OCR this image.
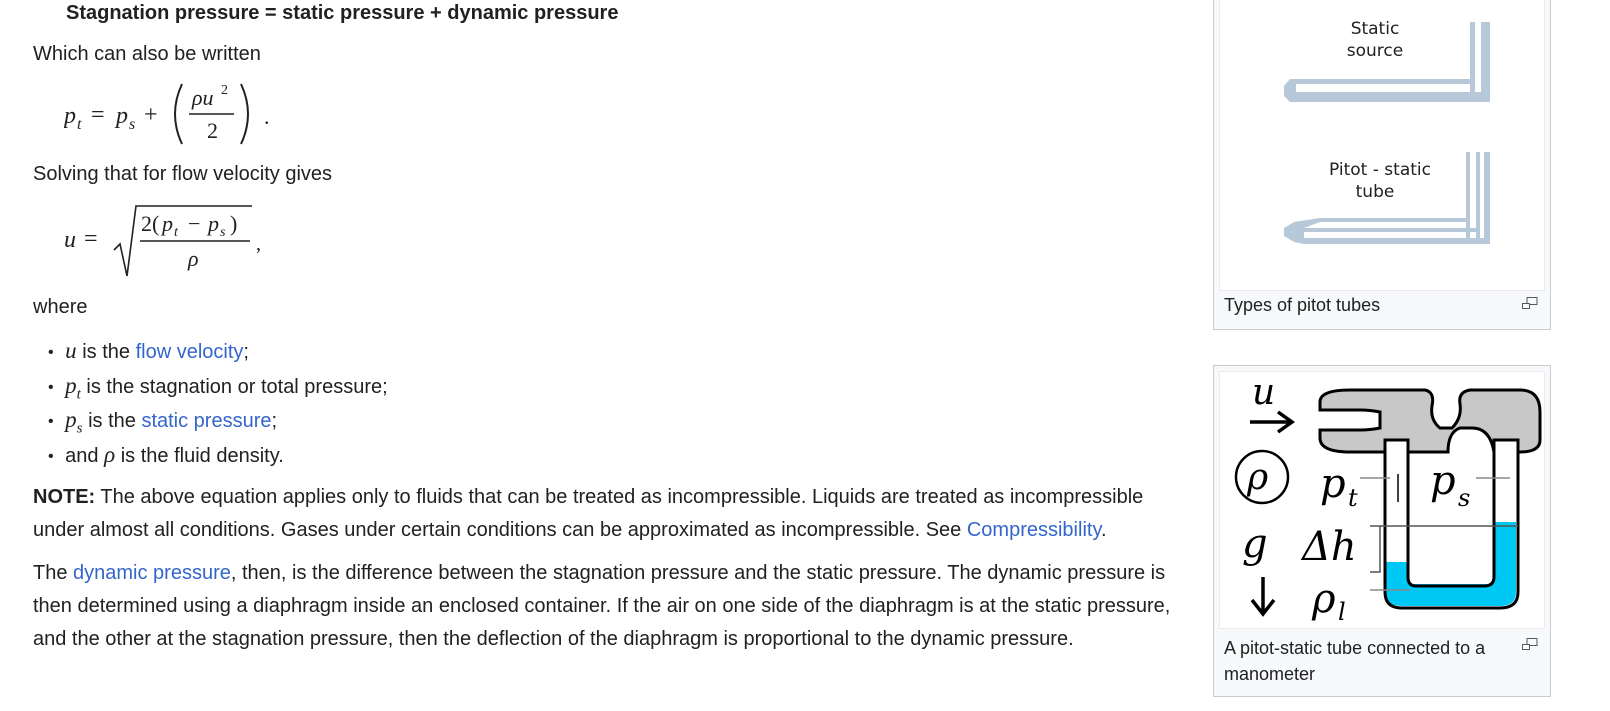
Stagnation pressure = static pressure + dynamic pressure
Which can also be written
p t = p s +
ρu 2
2
.
Solving that for flow velocity gives
u =
2( p t − p s )
ρ
,
where
• u is the flow velocity;
• $p_t$ is the stagnation or total pressure;
• $p_s$ is the static pressure;
• and ρ is the fluid density.
NOTE: The above equation applies only to fluids that can be treated as incompressible. Liquids are treated as incompressible under almost all conditions. Gases under certain conditions can be approximated as incompressible. See Compressibility.
The dynamic pressure, then, is the difference between the stagnation pressure and the static pressure. The dynamic pressure is then determined using a diaphragm inside an enclosed container. If the air on one side of the diaphragm is at the static pressure, and the other at the stagnation pressure, then the deflection of the diaphragm is proportional to the dynamic pressure.
Static
source
Pitot - static
tube
Types of pitot tubes
u
ρ p t p s
g Δh
ρ l
A pitot-static tube connected to a manometer
